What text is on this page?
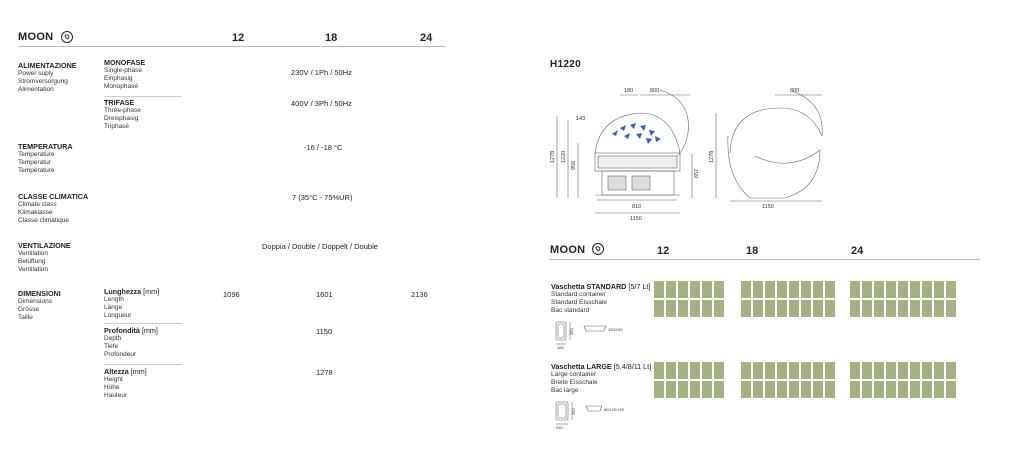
MOON	12	18	24
ALIMENTAZIONE
Power suply
Stromversorgung
Alimentation
MONOFASE
Single-phase
Einphasig
Monophasé
230V / 1Ph / 50Hz
TRIFASE
Three-phase
Dreisphasig
Triphasé
400V / 3Ph / 50Hz
TEMPERATURA
Temperature
Temperatur
Température
-16 / -18 °C
CLASSE CLIMATICA
Climate class
Klimaklasse
Classe climatique
7 (35°C - 75%UR)
VENTILAZIONE
Ventilation
Belüftung
Ventilation
Doppia / Double / Doppelt / Double
DIMENSIONI
Dimensions
Grösse
Taille
Lunghezza [mm]
Length
Länge
Longueur
1096	1601	2136
Profondità [mm]
Depth
Tiefe
Profondeur
1150
Altezza [mm]
Height
Höhe
Hauteur
1278
H1220
180	800	800
143
1278 1220
950
657
810
1150
1278
1150
MOON	12	18	24
Vaschetta STANDARD [5/7 Lt]
Standard container
Standard Eisschale
Bac standard
360
165
120/150
Vaschetta LARGE [5,4/8/11 Lt]
Large container
Breite Eisschale
Bac large
360
250
80/120/150
